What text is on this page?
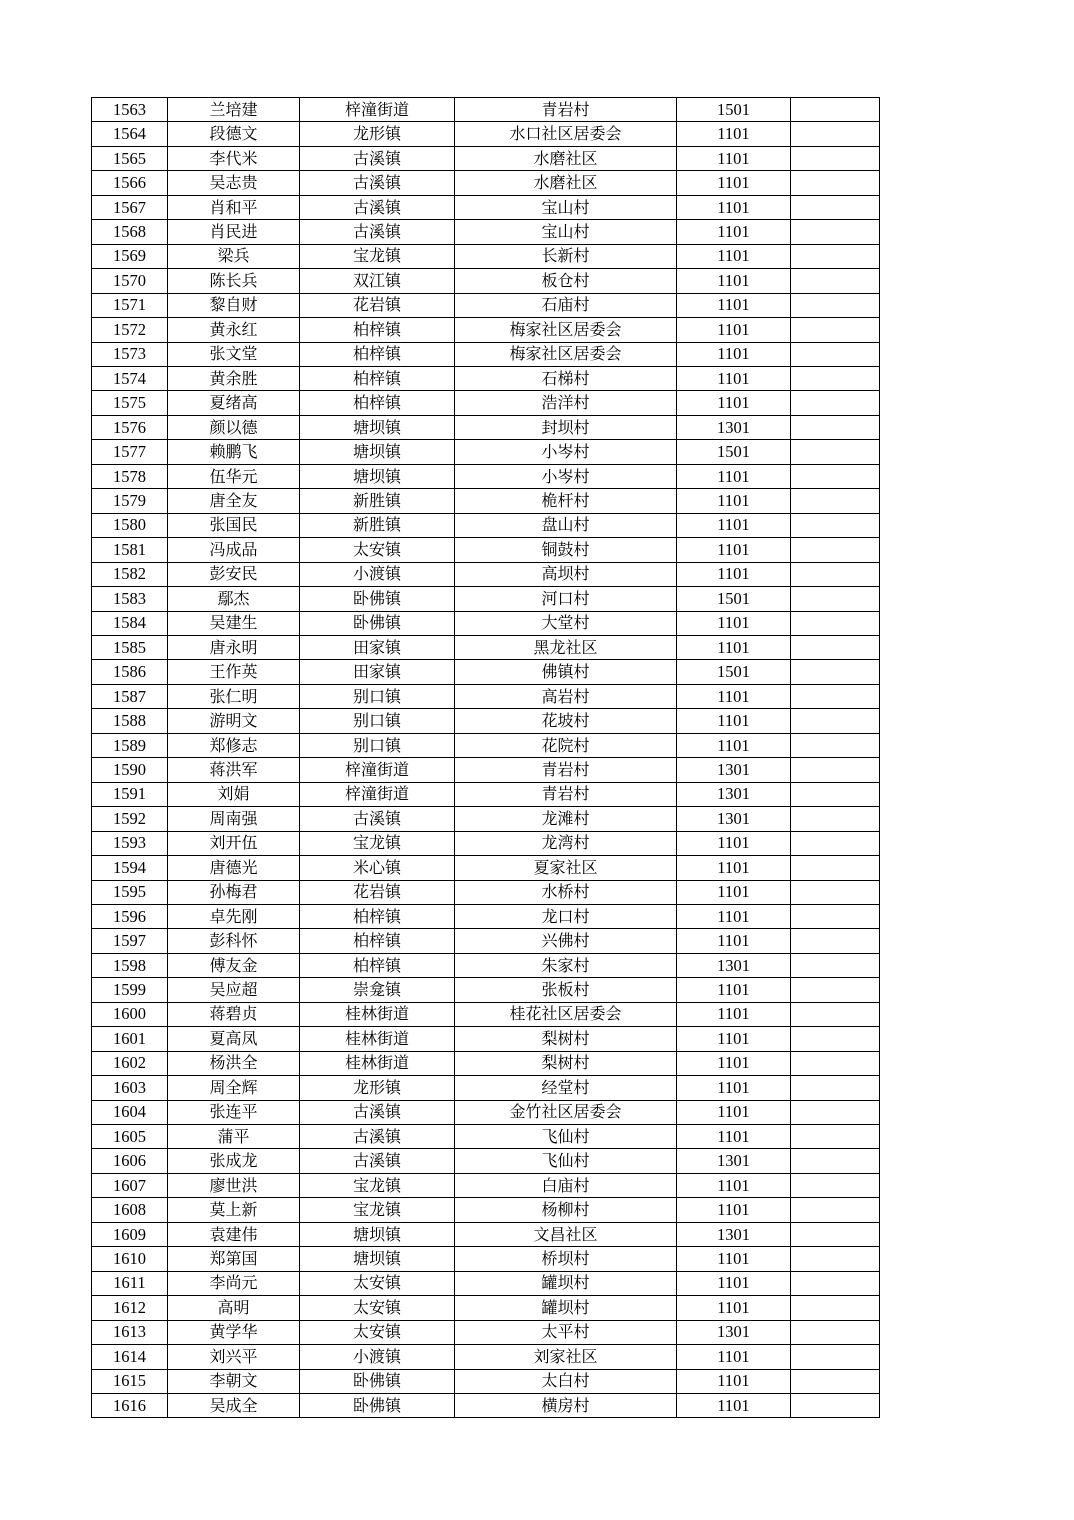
1563	兰培建	梓潼街道	青岩村	1501	
1564	段德文	龙形镇	水口社区居委会	1101	
1565	李代米	古溪镇	水磨社区	1101	
1566	吴志贵	古溪镇	水磨社区	1101	
1567	肖和平	古溪镇	宝山村	1101	
1568	肖民进	古溪镇	宝山村	1101	
1569	梁兵	宝龙镇	长新村	1101	
1570	陈长兵	双江镇	板仓村	1101	
1571	黎自财	花岩镇	石庙村	1101	
1572	黄永红	柏梓镇	梅家社区居委会	1101	
1573	张文堂	柏梓镇	梅家社区居委会	1101	
1574	黄余胜	柏梓镇	石梯村	1101	
1575	夏绪高	柏梓镇	浩洋村	1101	
1576	颜以德	塘坝镇	封坝村	1301	
1577	赖鹏飞	塘坝镇	小岑村	1501	
1578	伍华元	塘坝镇	小岑村	1101	
1579	唐全友	新胜镇	桅杆村	1101	
1580	张国民	新胜镇	盘山村	1101	
1581	冯成品	太安镇	铜鼓村	1101	
1582	彭安民	小渡镇	高坝村	1101	
1583	鄢杰	卧佛镇	河口村	1501	
1584	吴建生	卧佛镇	大堂村	1101	
1585	唐永明	田家镇	黑龙社区	1101	
1586	王作英	田家镇	佛镇村	1501	
1587	张仁明	别口镇	高岩村	1101	
1588	游明文	别口镇	花坡村	1101	
1589	郑修志	别口镇	花院村	1101	
1590	蒋洪军	梓潼街道	青岩村	1301	
1591	刘娟	梓潼街道	青岩村	1301	
1592	周南强	古溪镇	龙滩村	1301	
1593	刘开伍	宝龙镇	龙湾村	1101	
1594	唐德光	米心镇	夏家社区	1101	
1595	孙梅君	花岩镇	水桥村	1101	
1596	卓先刚	柏梓镇	龙口村	1101	
1597	彭科怀	柏梓镇	兴佛村	1101	
1598	傅友金	柏梓镇	朱家村	1301	
1599	吴应超	崇龛镇	张板村	1101	
1600	蒋碧贞	桂林街道	桂花社区居委会	1101	
1601	夏高凤	桂林街道	梨树村	1101	
1602	杨洪全	桂林街道	梨树村	1101	
1603	周全辉	龙形镇	经堂村	1101	
1604	张连平	古溪镇	金竹社区居委会	1101	
1605	蒲平	古溪镇	飞仙村	1101	
1606	张成龙	古溪镇	飞仙村	1301	
1607	廖世洪	宝龙镇	白庙村	1101	
1608	莫上新	宝龙镇	杨柳村	1101	
1609	袁建伟	塘坝镇	文昌社区	1301	
1610	郑第国	塘坝镇	桥坝村	1101	
1611	李尚元	太安镇	罐坝村	1101	
1612	高明	太安镇	罐坝村	1101	
1613	黄学华	太安镇	太平村	1301	
1614	刘兴平	小渡镇	刘家社区	1101	
1615	李朝文	卧佛镇	太白村	1101	
1616	吴成全	卧佛镇	横房村	1101	
